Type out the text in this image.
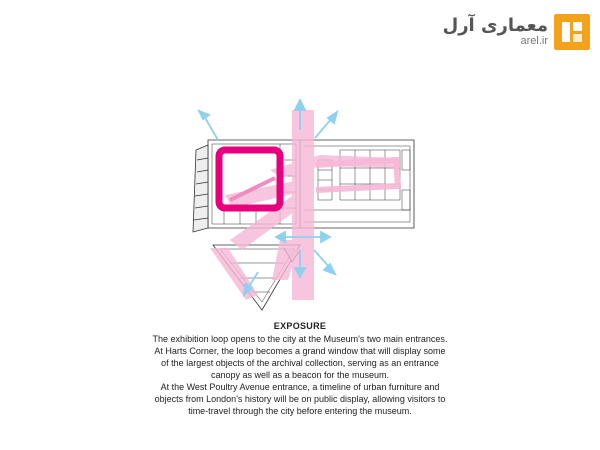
معماری آرل
arel.ir
EXPOSURE

The exhibition loop opens to the city at the Museum's two main entrances. At Harts Corner, the loop becomes a grand window that will display some of the largest objects of the archival collection, serving as an entrance canopy as well as a beacon for the museum.

At the West Poultry Avenue entrance, a timeline of urban furniture and objects from London's history will be on public display, allowing visitors to time-travel through the city before entering the museum.
